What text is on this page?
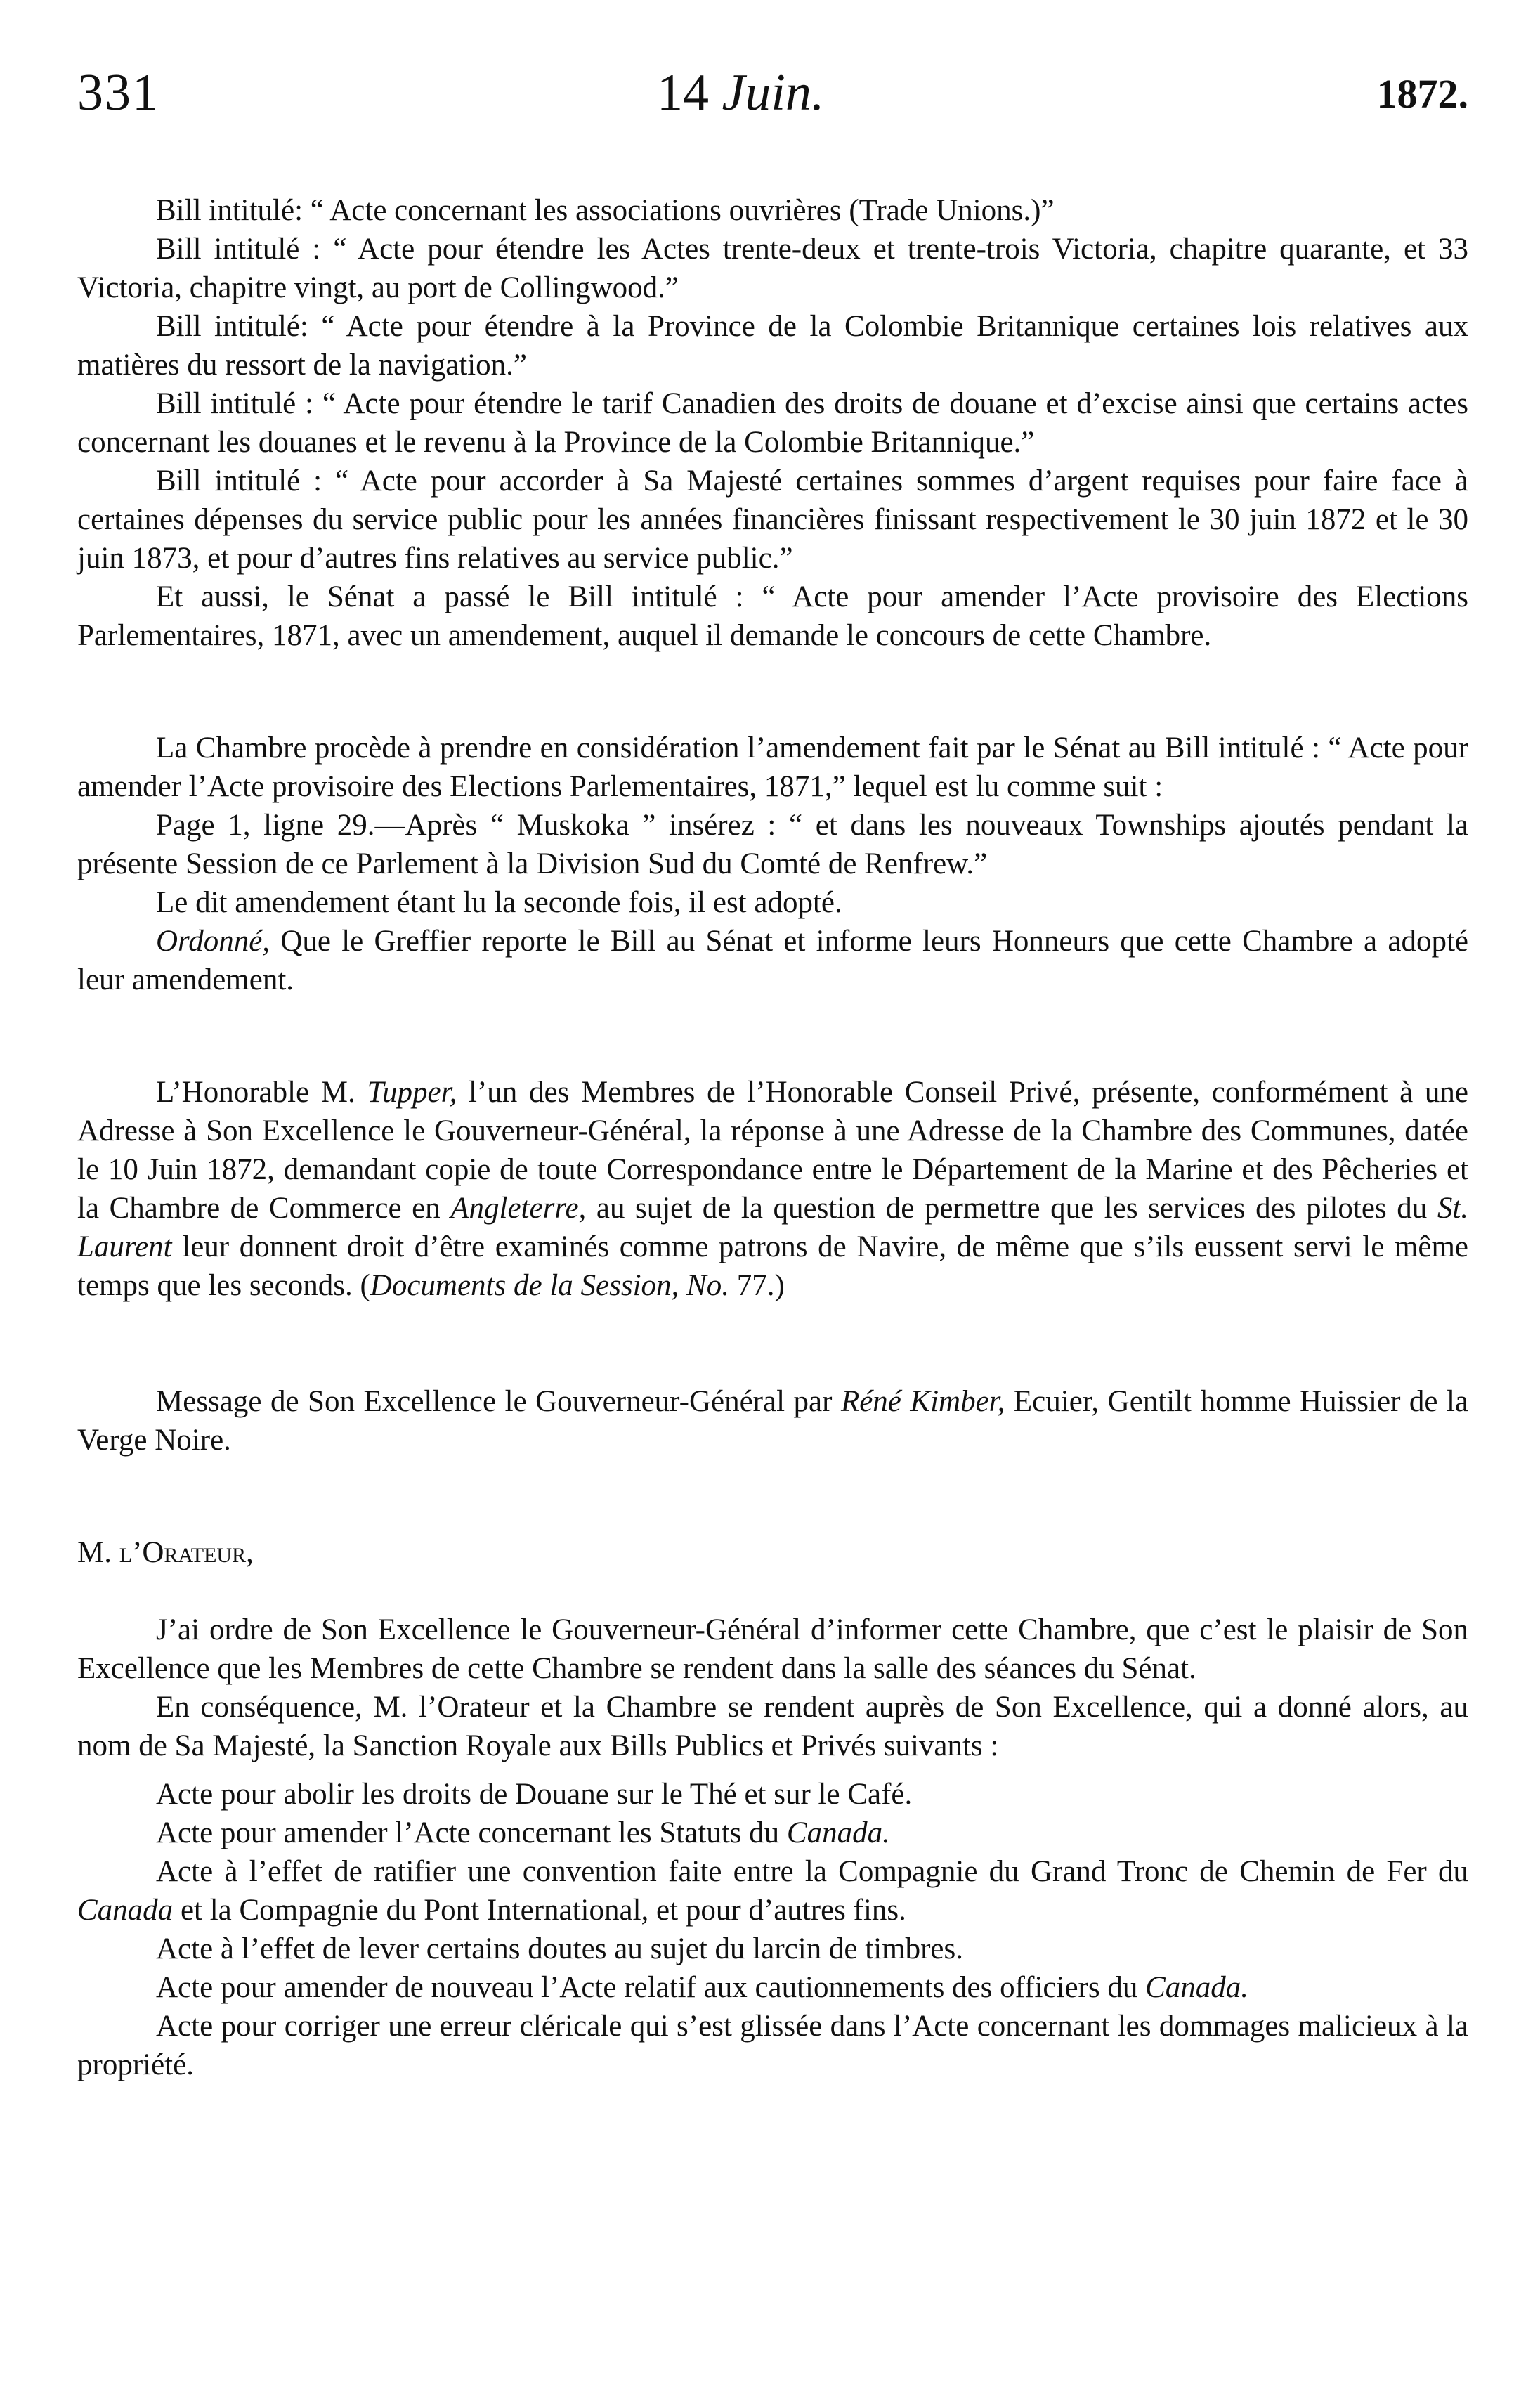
331	14 Juin.	1872.

Bill intitulé: “ Acte concernant les associations ouvrières (Trade Unions.)”

Bill intitulé : “ Acte pour étendre les Actes trente-deux et trente-trois Victoria, chapitre quarante, et 33 Victoria, chapitre vingt, au port de Collingwood.”

Bill intitulé: “ Acte pour étendre à la Province de la Colombie Britannique certaines lois relatives aux matières du ressort de la navigation.”

Bill intitulé : “ Acte pour étendre le tarif Canadien des droits de douane et d’excise ainsi que certains actes concernant les douanes et le revenu à la Province de la Colombie Britannique.”

Bill intitulé : “ Acte pour accorder à Sa Majesté certaines sommes d’argent requises pour faire face à certaines dépenses du service public pour les années financières finissant respectivement le 30 juin 1872 et le 30 juin 1873, et pour d’autres fins relatives au service public.”

Et aussi, le Sénat a passé le Bill intitulé : “ Acte pour amender l’Acte provisoire des Elections Parlementaires, 1871, avec un amendement, auquel il demande le concours de cette Chambre.

La Chambre procède à prendre en considération l’amendement fait par le Sénat au Bill intitulé : “ Acte pour amender l’Acte provisoire des Elections Parlementaires, 1871,” lequel est lu comme suit :

Page 1, ligne 29.—Après “ Muskoka ” insérez : “ et dans les nouveaux Townships ajoutés pendant la présente Session de ce Parlement à la Division Sud du Comté de Renfrew.”

Le dit amendement étant lu la seconde fois, il est adopté.

Ordonné, Que le Greffier reporte le Bill au Sénat et informe leurs Honneurs que cette Chambre a adopté leur amendement.

L’Honorable M. Tupper, l’un des Membres de l’Honorable Conseil Privé, présente, conformément à une Adresse à Son Excellence le Gouverneur-Général, la réponse à une Adresse de la Chambre des Communes, datée le 10 Juin 1872, demandant copie de toute Correspondance entre le Département de la Marine et des Pêcheries et la Chambre de Commerce en Angleterre, au sujet de la question de permettre que les services des pilotes du St. Laurent leur donnent droit d’être examinés comme patrons de Navire, de même que s’ils eussent servi le même temps que les seconds. (Documents de la Session, No. 77.)

Message de Son Excellence le Gouverneur-Général par Réné Kimber, Ecuier, Gentilt homme Huissier de la Verge Noire.

M. l’Orateur,

J’ai ordre de Son Excellence le Gouverneur-Général d’informer cette Chambre, que c’est le plaisir de Son Excellence que les Membres de cette Chambre se rendent dans la salle des séances du Sénat.

En conséquence, M. l’Orateur et la Chambre se rendent auprès de Son Excellence, qui a donné alors, au nom de Sa Majesté, la Sanction Royale aux Bills Publics et Privés suivants :

Acte pour abolir les droits de Douane sur le Thé et sur le Café.

Acte pour amender l’Acte concernant les Statuts du Canada.

Acte à l’effet de ratifier une convention faite entre la Compagnie du Grand Tronc de Chemin de Fer du Canada et la Compagnie du Pont International, et pour d’autres fins.

Acte à l’effet de lever certains doutes au sujet du larcin de timbres.

Acte pour amender de nouveau l’Acte relatif aux cautionnements des officiers du Canada.

Acte pour corriger une erreur cléricale qui s’est glissée dans l’Acte concernant les dommages malicieux à la propriété.
